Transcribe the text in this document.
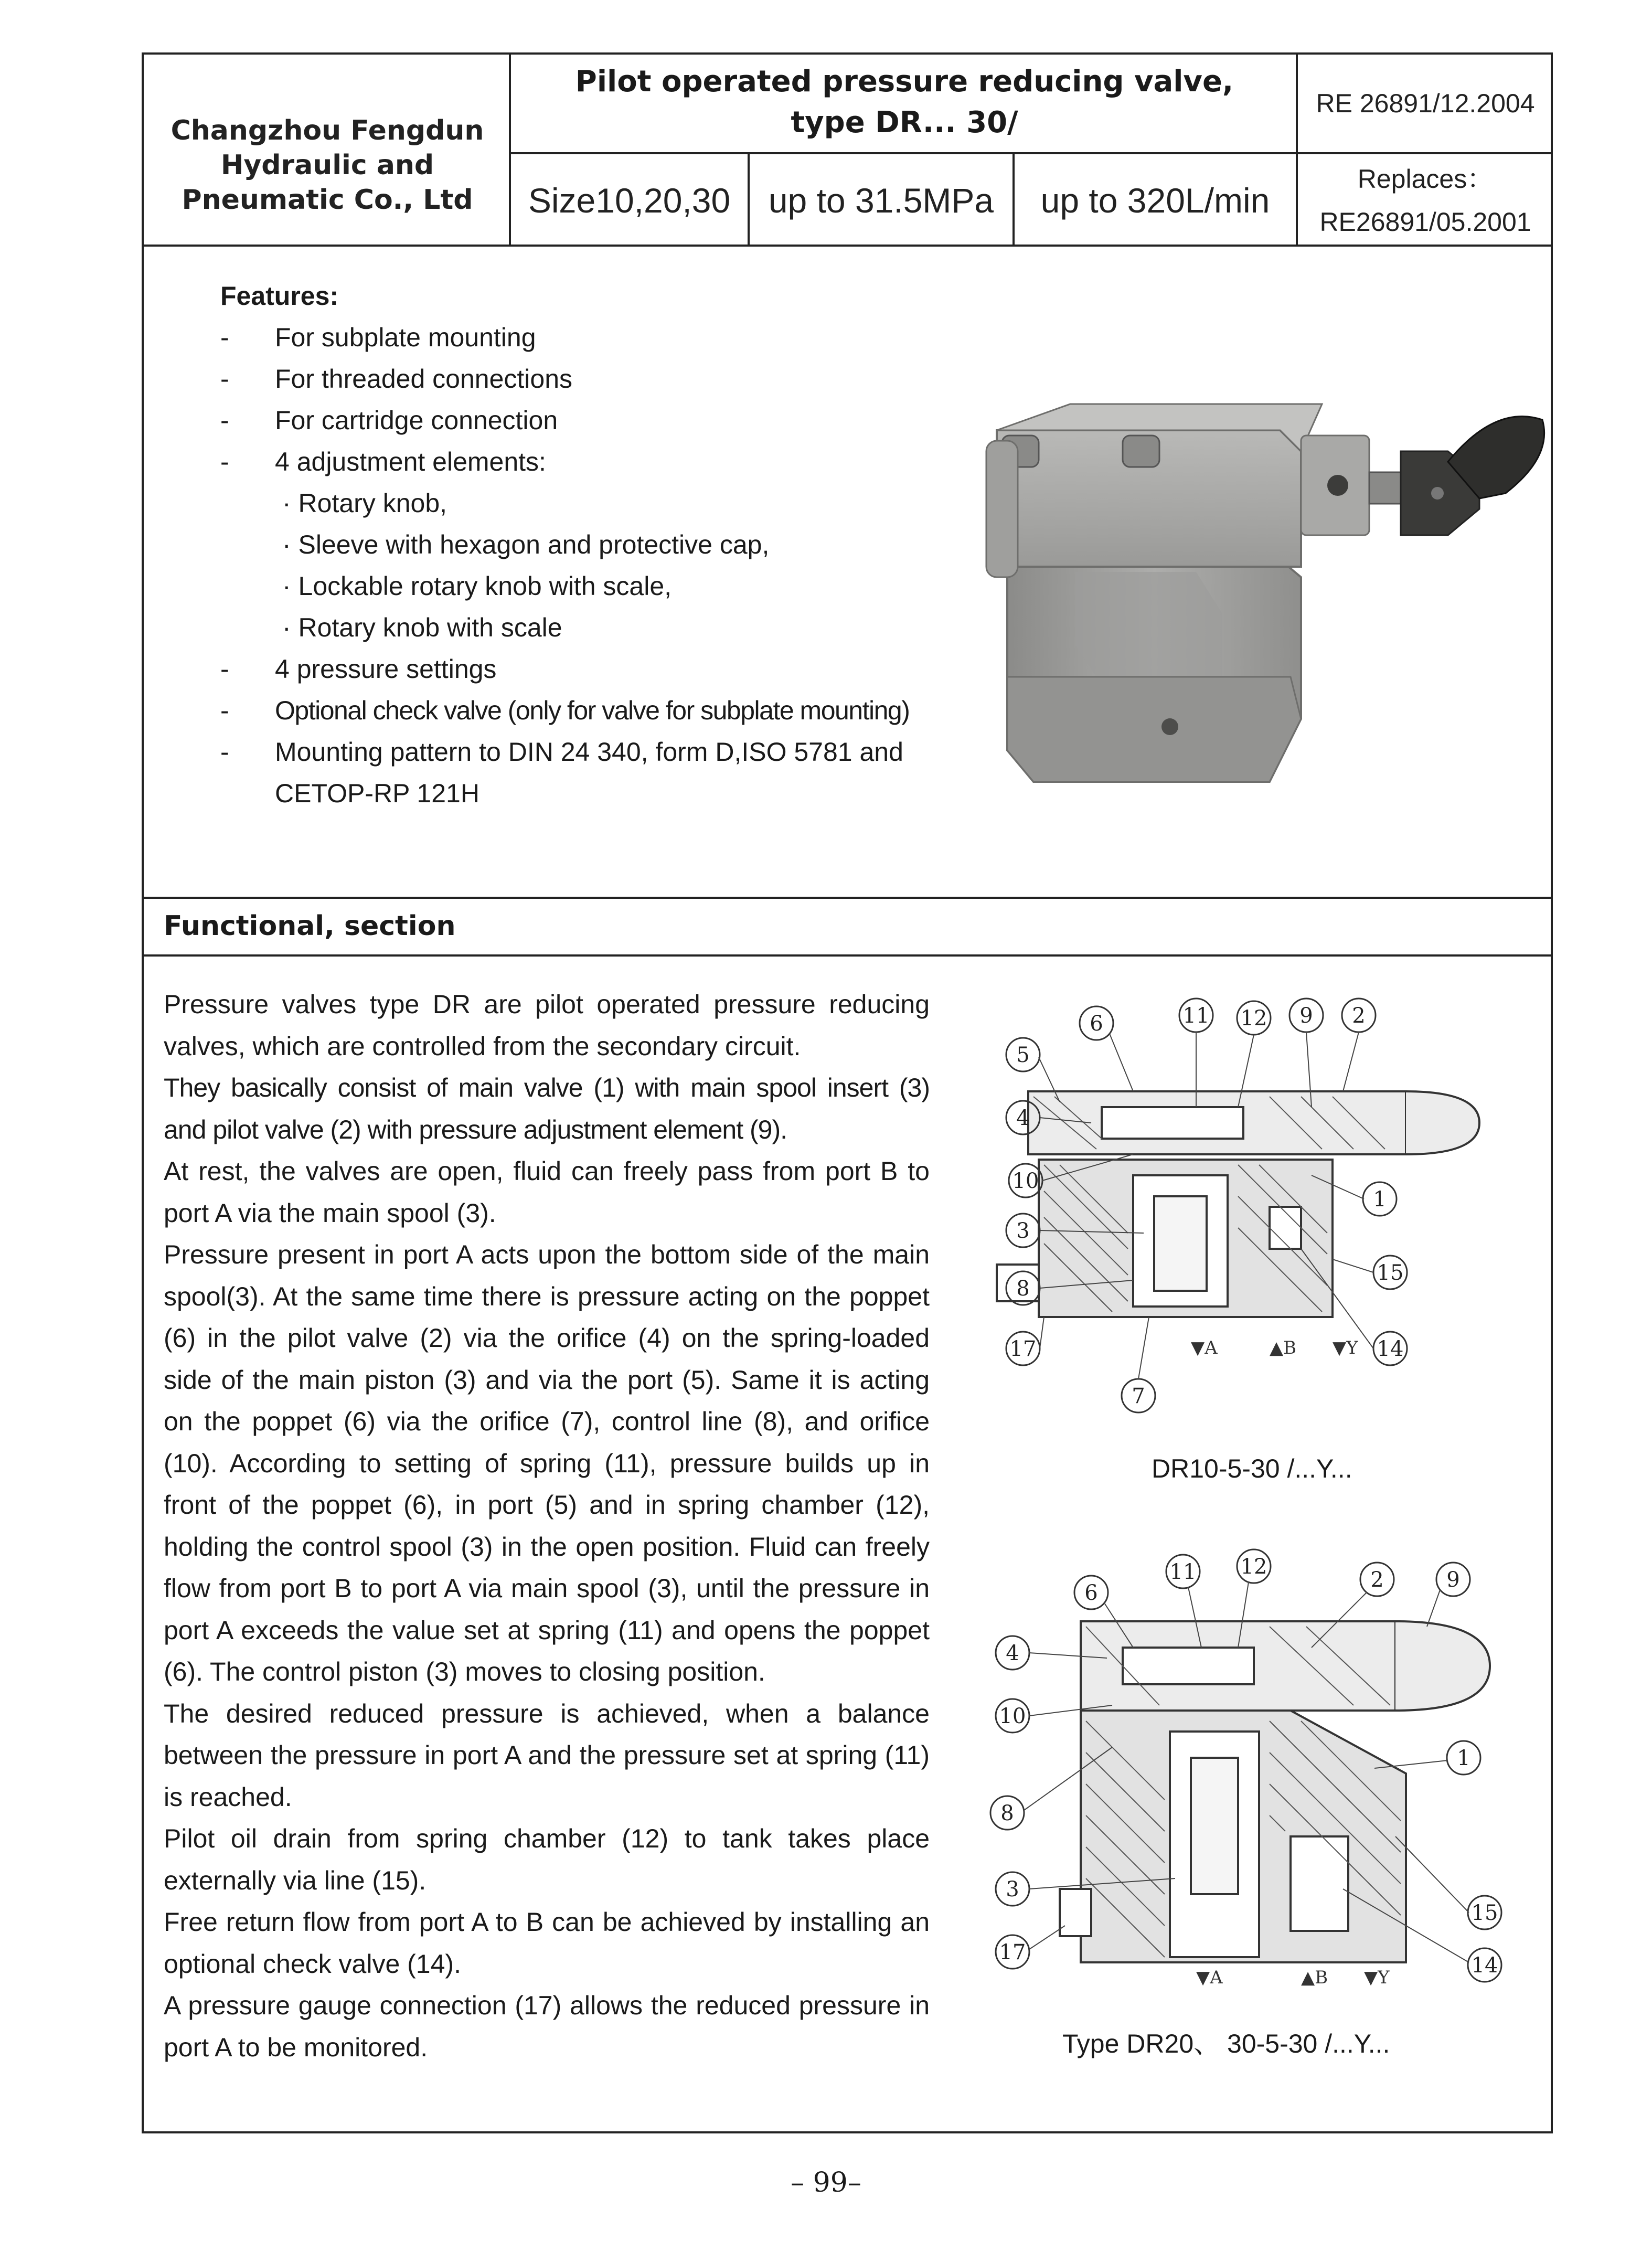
Changzhou Fengdun
Hydraulic and
Pneumatic Co., Ltd
Pilot operated pressure reducing valve,
type DR... 30/
RE 26891/12.2004
Size10,20,30	up to 31.5MPa	up to 320L/min
Replaces：
RE26891/05.2001
Features:
- For subplate mounting
- For threaded connections
- For cartridge connection
- 4 adjustment elements:
· Rotary knob,
· Sleeve with hexagon and protective cap,
· Lockable rotary knob with scale,
· Rotary knob with scale
- 4 pressure settings
- Optional check valve (only for valve for subplate mounting)
- Mounting pattern to DIN 24 340, form D,ISO 5781 and
CETOP-RP 121H
Functional, section

Pressure valves type DR are pilot operated pressure reducing valves, which are controlled from the secondary circuit.

They basically consist of main valve (1) with main spool insert (3) and pilot valve (2) with pressure adjustment element (9).

At rest, the valves are open, fluid can freely pass from port B to port A via the main spool (3).

Pressure present in port A acts upon the bottom side of the main spool(3). At the same time there is pressure acting on the poppet (6) in the pilot valve (2) via the orifice (4) on the spring-loaded side of the main piston (3) and via the port (5). Same it is acting on the poppet (6) via the orifice (7), control line (8), and orifice (10). According to setting of spring (11), pressure builds up in front of the poppet (6), in port (5) and in spring chamber (12), holding the control spool (3) in the open position. Fluid can freely flow from port B to port A via main spool (3), until the pressure in port A exceeds the value set at spring (11) and opens the poppet (6). The control piston (3) moves to closing position.

The desired reduced pressure is achieved, when a balance between the pressure in port A and the pressure set at spring (11) is reached.

Pilot oil drain from spring chamber (12) to tank takes place externally via line (15).

Free return flow from port A to B can be achieved by installing an optional check valve (14).

A pressure gauge connection (17) allows the reduced pressure in port A to be monitored.

6	11 12 9 2
5
4
10
1
3
15
8
17	14
7
▼A	▲B ▼Y
DR10-5-30 /...Y...
6
11 12
2	9
4
10
1
8
3
15
17
14
▼A	▲B ▼Y
Type DR20、 30-5-30 /...Y...
– 99–
